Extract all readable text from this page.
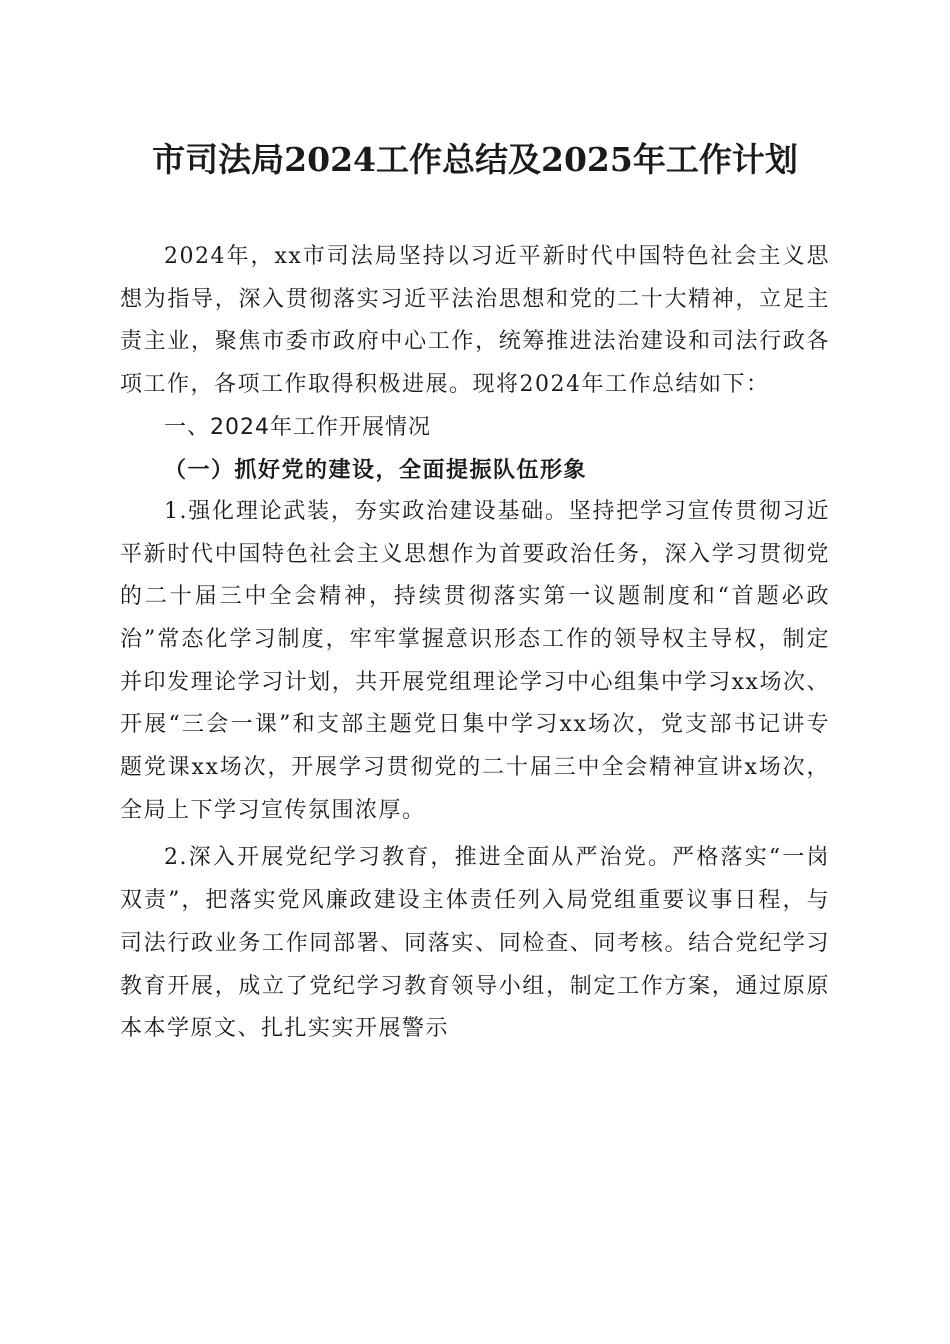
市司法局2024工作总结及2025年工作计划

2024年，xx市司法局坚持以习近平新时代中国特色社会主义思想为指导，深入贯彻落实习近平法治思想和党的二十大精神，立足主责主业，聚焦市委市政府中心工作，统筹推进法治建设和司法行政各项工作，各项工作取得积极进展。现将2024年工作总结如下：

一、2024年工作开展情况

（一）抓好党的建设，全面提振队伍形象

1.强化理论武装，夯实政治建设基础。坚持把学习宣传贯彻习近平新时代中国特色社会主义思想作为首要政治任务，深入学习贯彻党的二十届三中全会精神，持续贯彻落实第一议题制度和“首题必政治”常态化学习制度，牢牢掌握意识形态工作的领导权主导权，制定并印发理论学习计划，共开展党组理论学习中心组集中学习xx场次、开展“三会一课”和支部主题党日集中学习xx场次，党支部书记讲专题党课xx场次，开展学习贯彻党的二十届三中全会精神宣讲x场次，全局上下学习宣传氛围浓厚。

2.深入开展党纪学习教育，推进全面从严治党。严格落实“一岗双责”，把落实党风廉政建设主体责任列入局党组重要议事日程，与司法行政业务工作同部署、同落实、同检查、同考核。结合党纪学习教育开展，成立了党纪学习教育领导小组，制定工作方案，通过原原本本学原文、扎扎实实开展警示
